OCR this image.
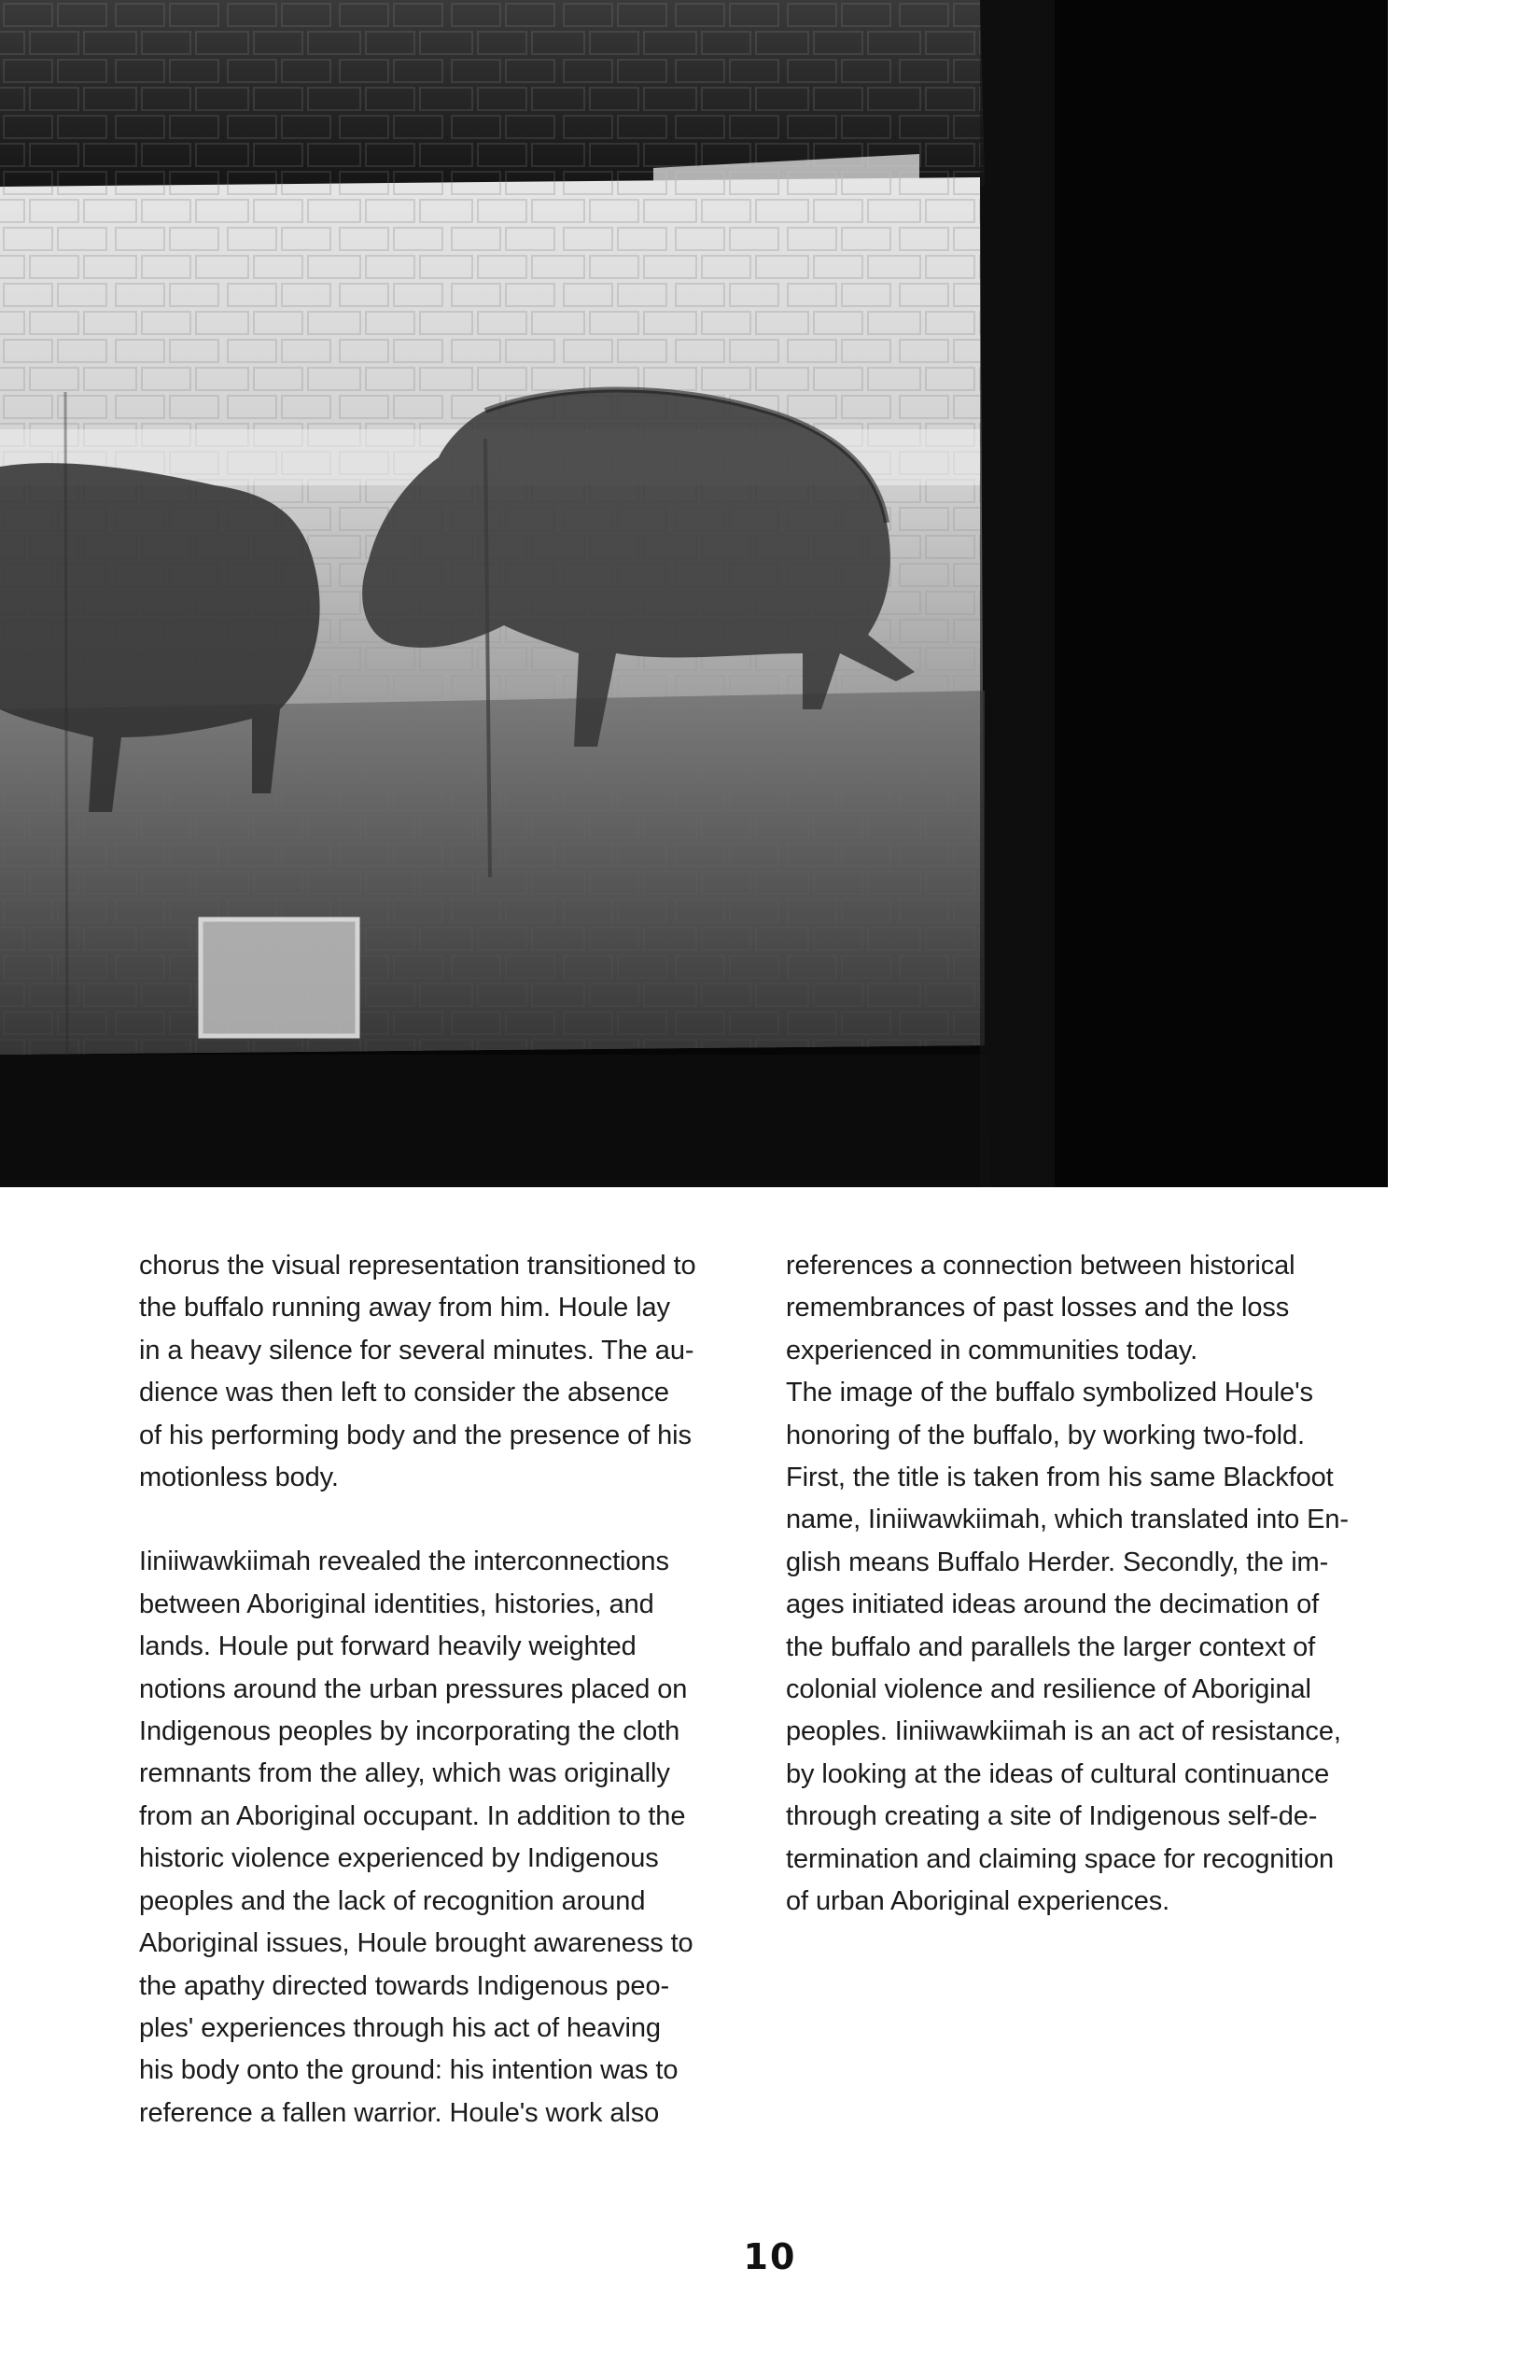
chorus the visual representation transitioned to
the buffalo running away from him. Houle lay
in a heavy silence for several minutes. The au-
dience was then left to consider the absence
of his performing body and the presence of his
motionless body.

Iiniiwawkiimah revealed the interconnections
between Aboriginal identities, histories, and
lands. Houle put forward heavily weighted
notions around the urban pressures placed on
Indigenous peoples by incorporating the cloth
remnants from the alley, which was originally
from an Aboriginal occupant. In addition to the
historic violence experienced by Indigenous
peoples and the lack of recognition around
Aboriginal issues, Houle brought awareness to
the apathy directed towards Indigenous peo-
ples' experiences through his act of heaving
his body onto the ground: his intention was to
reference a fallen warrior. Houle's work also

references a connection between historical
remembrances of past losses and the loss
experienced in communities today.

The image of the buffalo symbolized Houle's
honoring of the buffalo, by working two-fold.
First, the title is taken from his same Blackfoot
name, Iiniiwawkiimah, which translated into En-
glish means Buffalo Herder. Secondly, the im-
ages initiated ideas around the decimation of
the buffalo and parallels the larger context of
colonial violence and resilience of Aboriginal
peoples. Iiniiwawkiimah is an act of resistance,
by looking at the ideas of cultural continuance
through creating a site of Indigenous self-de-
termination and claiming space for recognition
of urban Aboriginal experiences.

10
